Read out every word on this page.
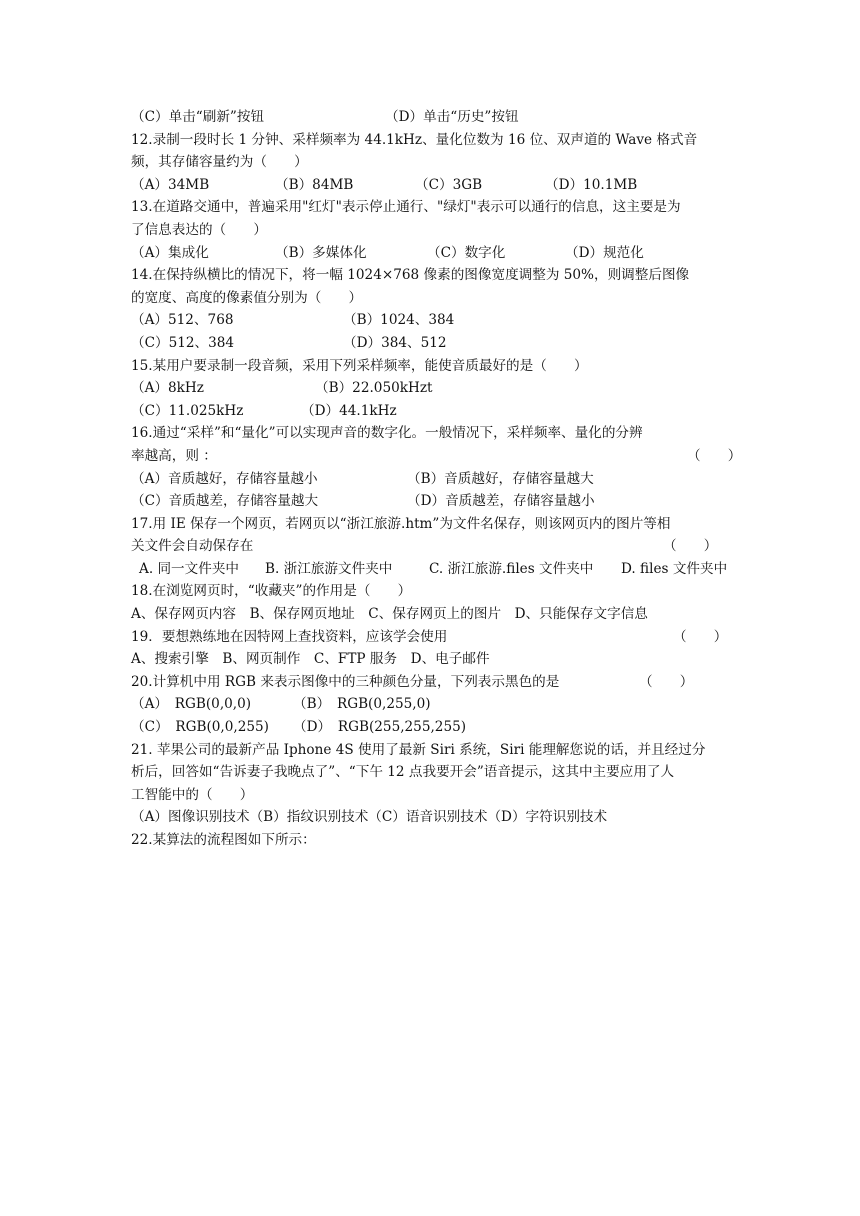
（C）单击“刷新”按钮	（D）单击“历史”按钮
12.录制一段时长 1 分钟、采样频率为 44.1kHz、量化位数为 16 位、双声道的 Wave 格式音
频，其存储容量约为（　　）
（A）34MB	（B）84MB	（C）3GB	（D）10.1MB
13.在道路交通中，普遍采用"红灯"表示停止通行、"绿灯"表示可以通行的信息，这主要是为
了信息表达的（　　）
（A）集成化	（B）多媒体化	（C）数字化	（D）规范化
14.在保持纵横比的情况下，将一幅 1024×768 像素的图像宽度调整为 50%，则调整后图像
的宽度、高度的像素值分别为（　　）
（A）512、768	（B）1024、384
（C）512、384	（D）384、512
15.某用户要录制一段音频，采用下列采样频率，能使音质最好的是（　　）
（A）8kHz	（B）22.050kHzt
（C）11.025kHz	（D）44.1kHz
16.通过“采样”和“量化”可以实现声音的数字化。一般情况下，采样频率、量化的分辨
率越高，则 ：	（　　）
（A）音质越好，存储容量越小	（B）音质越好，存储容量越大
（C）音质越差，存储容量越大	（D）音质越差，存储容量越小
17.用 IE 保存一个网页，若网页以“浙江旅游.htm”为文件名保存，则该网页内的图片等相
关文件会自动保存在	（　　）
A. 同一文件夹中 B. 浙江旅游文件夹中	C. 浙江旅游.files 文件夹中 D. files 文件夹中
18.在浏览网页时，“收藏夹”的作用是（　　）
A、保存网页内容　B、保存网页地址　C、保存网页上的图片　D、只能保存文字信息
19．要想熟练地在因特网上查找资料，应该学会使用	（　　）
A、搜索引擎　B、网页制作　C、FTP 服务　D、电子邮件
20.计算机中用 RGB 来表示图像中的三种颜色分量，下列表示黑色的是	（　　）
（A）　RGB(0,0,0)	（B）　RGB(0,255,0)
（C）　RGB(0,0,255) （D）　RGB(255,255,255)
21. 苹果公司的最新产品 Iphone 4S 使用了最新 Siri 系统，Siri 能理解您说的话，并且经过分
析后，回答如“告诉妻子我晚点了”、“下午 12 点我要开会”语音提示，这其中主要应用了人
工智能中的（　　）
（A）图像识别技术（B）指纹识别技术（C）语音识别技术（D）字符识别技术
22.某算法的流程图如下所示：
